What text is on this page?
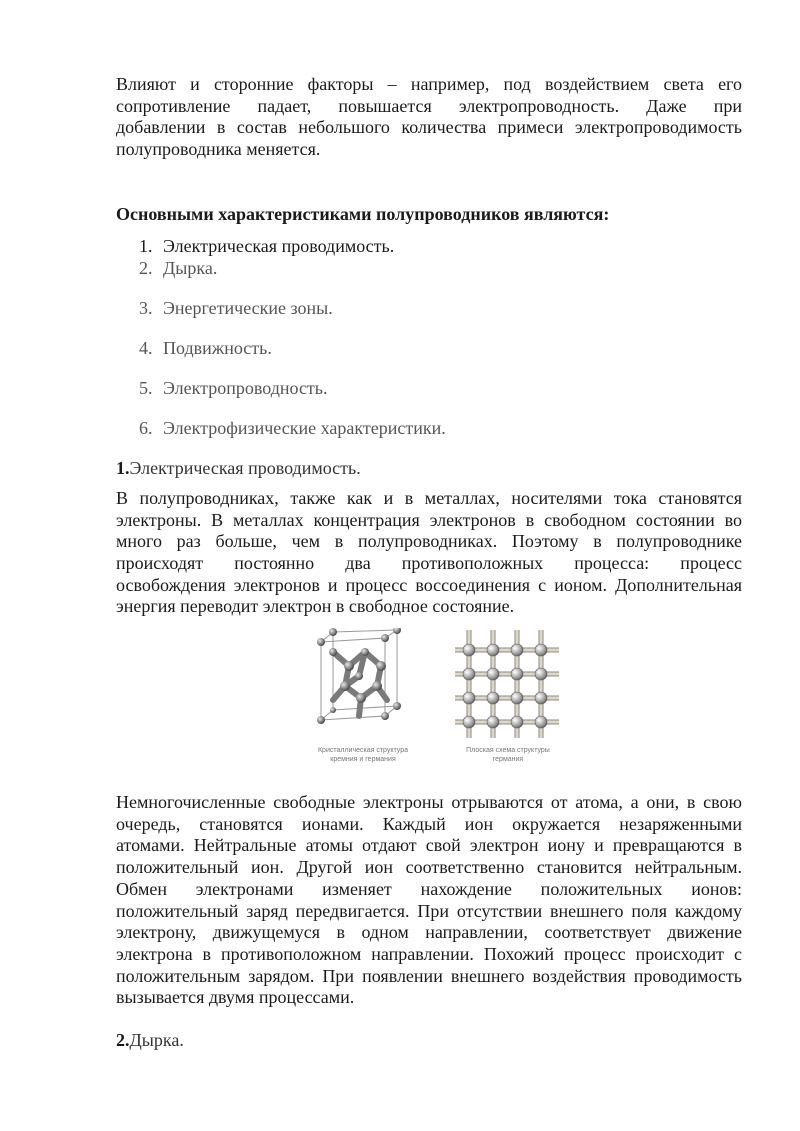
Влияют и сторонние факторы – например, под воздействием света его

сопротивление падает, повышается электропроводность. Даже при

добавлении в состав небольшого количества примеси электропроводимость

полупроводника меняется.

Основными характеристиками полупроводников являются:
1. Электрическая проводимость.
2. Дырка.
3. Энергетические зоны.
4. Подвижность.
5. Электропроводность.
6. Электрофизические характеристики.
1.Электрическая проводимость.

В полупроводниках, также как и в металлах, носителями тока становятся

электроны. В металлах концентрация электронов в свободном состоянии во

много раз больше, чем в полупроводниках. Поэтому в полупроводнике

происходят постоянно два противоположных процесса: процесс

освобождения электронов и процесс воссоединения с ионом. Дополнительная

энергия переводит электрон в свободное состояние.

Кристаллическая структура
кремния и германия
Плоская схема структуры
германия

Немногочисленные свободные электроны отрываются от атома, а они, в свою

очередь, становятся ионами. Каждый ион окружается незаряженными

атомами. Нейтральные атомы отдают свой электрон иону и превращаются в

положительный ион. Другой ион соответственно становится нейтральным.

Обмен электронами изменяет нахождение положительных ионов:

положительный заряд передвигается. При отсутствии внешнего поля каждому

электрону, движущемуся в одном направлении, соответствует движение

электрона в противоположном направлении. Похожий процесс происходит с

положительным зарядом. При появлении внешнего воздействия проводимость

вызывается двумя процессами.

2.Дырка.
